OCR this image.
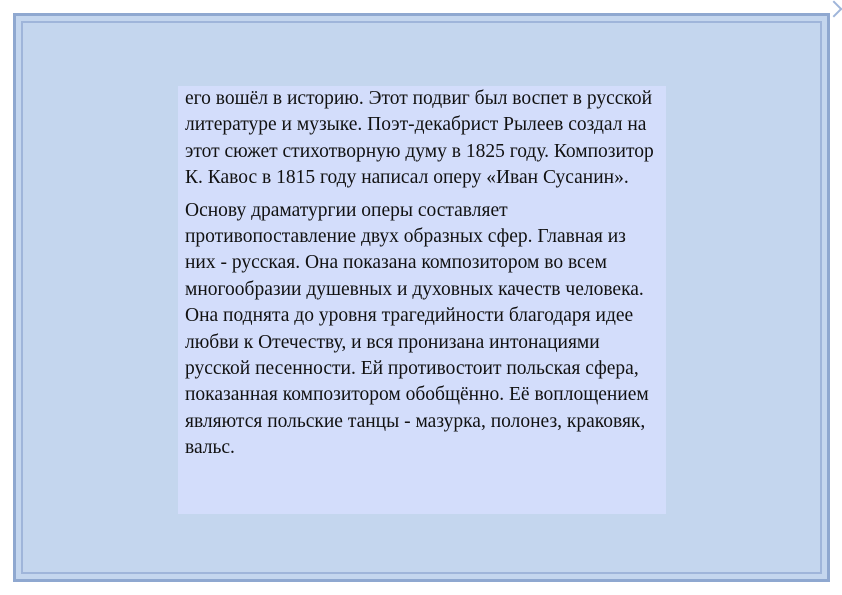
его вошёл в историю. Этот подвиг был воспет в русской литературе и музыке. Поэт-декабрист Рылеев создал на этот сюжет стихотворную думу в 1825 году. Композитор К. Кавос в 1815 году написал оперу «Иван Сусанин».

Основу драматургии оперы составляет противопоставление двух образных сфер. Главная из них - русская. Она показана композитором во всем многообразии душевных и духовных качеств человека. Она поднята до уровня трагедийности благодаря идее любви к Отечеству, и вся пронизана интонациями русской песенности. Ей противостоит польская сфера, показанная композитором обобщённо. Её воплощением являются польские танцы - мазурка, полонез, краковяк, вальс.
